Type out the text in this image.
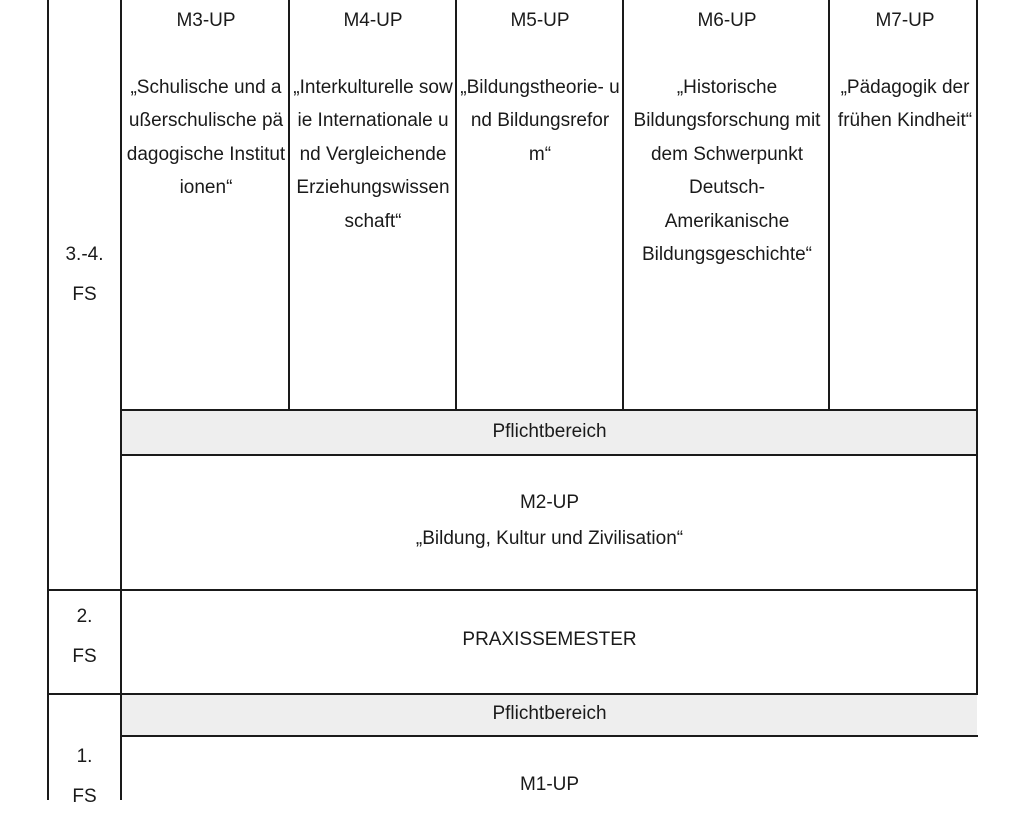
3.-4.
FS
2.
FS
1.
FS
M3-UP
„Schulische und außerschulische pädagogische Institutionen“
M4-UP
„Interkulturelle sowie Internationale und Vergleichende Erziehungswissenschaft“
M5-UP
„Bildungstheorie- und Bildungsreform“
M6-UP
„Historische Bildungsforschung mit dem Schwerpunkt Deutsch-Amerikanische Bildungsgeschichte“
M7-UP
„Pädagogik der frühen Kindheit“
Pflichtbereich
M2-UP
„Bildung, Kultur und Zivilisation“
PRAXISSEMESTER
Pflichtbereich
M1-UP
